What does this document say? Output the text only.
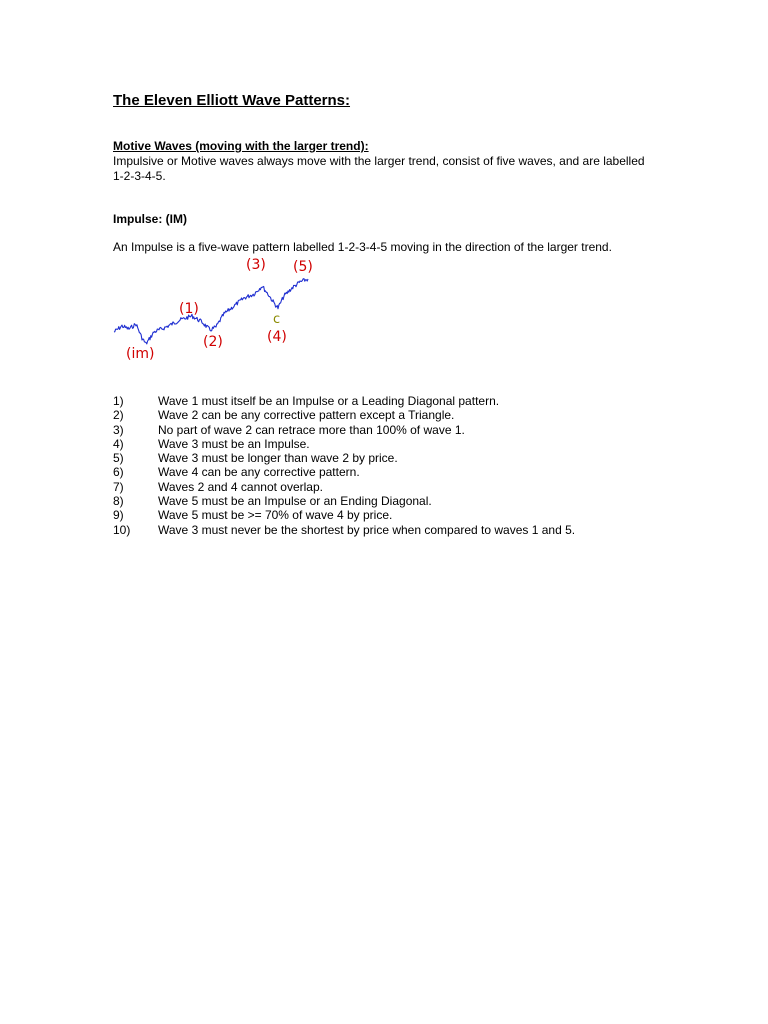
The Eleven Elliott Wave Patterns:
Motive Waves (moving with the larger trend):

Impulsive or Motive waves always move with the larger trend, consist of five waves, and are labelled 1-2-3-4-5.

Impulse: (IM)

An Impulse is a five-wave pattern labelled 1-2-3-4-5 moving in the direction of the larger trend.

(im)
(1)
(2)
(3) (5)
c
(4)
1)	Wave 1 must itself be an Impulse or a Leading Diagonal pattern.
2)	Wave 2 can be any corrective pattern except a Triangle.
3)	No part of wave 2 can retrace more than 100% of wave 1.
4)	Wave 3 must be an Impulse.
5)	Wave 3 must be longer than wave 2 by price.
6)	Wave 4 can be any corrective pattern.
7)	Waves 2 and 4 cannot overlap.
8)	Wave 5 must be an Impulse or an Ending Diagonal.
9)	Wave 5 must be >= 70% of wave 4 by price.
10)	Wave 3 must never be the shortest by price when compared to waves 1 and 5.
